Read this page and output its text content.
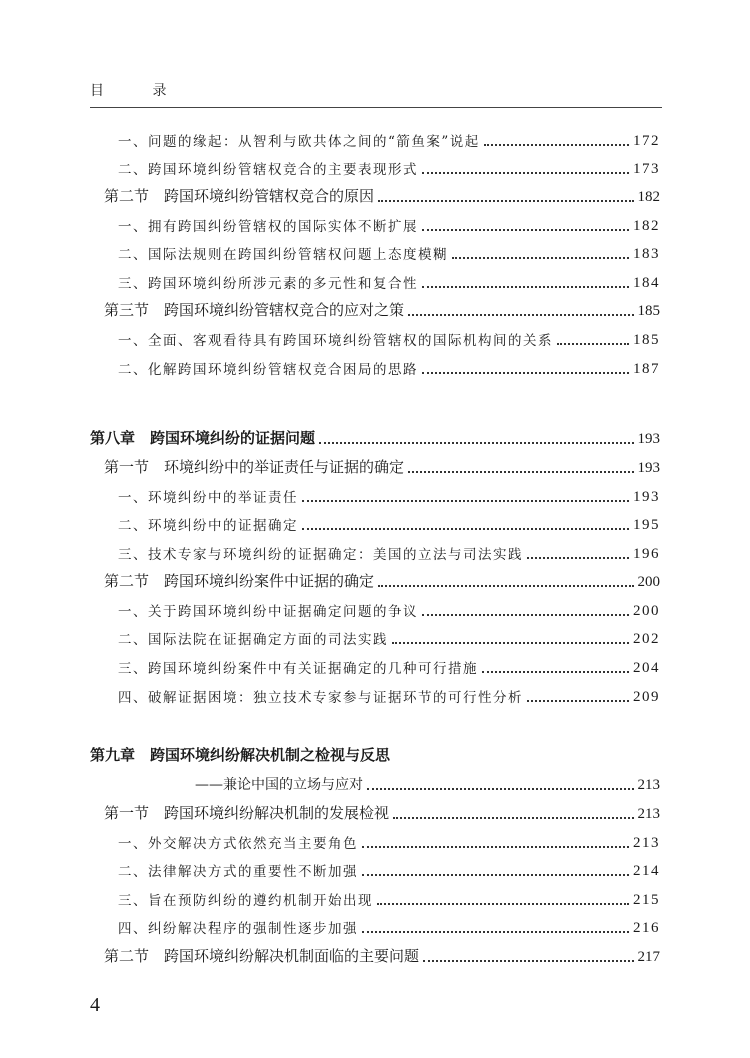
目 录
一、问题的缘起：从智利与欧共体之间的“箭鱼案”说起	172
二、跨国环境纠纷管辖权竞合的主要表现形式	173
第二节　跨国环境纠纷管辖权竞合的原因	182
一、拥有跨国纠纷管辖权的国际实体不断扩展	182
二、国际法规则在跨国纠纷管辖权问题上态度模糊	183
三、跨国环境纠纷所涉元素的多元性和复合性	184
第三节　跨国环境纠纷管辖权竞合的应对之策	185
一、全面、客观看待具有跨国环境纠纷管辖权的国际机构间的关系	185
二、化解跨国环境纠纷管辖权竞合困局的思路	187
第八章　跨国环境纠纷的证据问题	193
第一节　环境纠纷中的举证责任与证据的确定	193
一、环境纠纷中的举证责任	193
二、环境纠纷中的证据确定	195
三、技术专家与环境纠纷的证据确定：美国的立法与司法实践	196
第二节　跨国环境纠纷案件中证据的确定	200
一、关于跨国环境纠纷中证据确定问题的争议	200
二、国际法院在证据确定方面的司法实践	202
三、跨国环境纠纷案件中有关证据确定的几种可行措施	204
四、破解证据困境：独立技术专家参与证据环节的可行性分析	209
第九章　跨国环境纠纷解决机制之检视与反思
——兼论中国的立场与应对	213
第一节　跨国环境纠纷解决机制的发展检视	213
一、外交解决方式依然充当主要角色	213
二、法律解决方式的重要性不断加强	214
三、旨在预防纠纷的遵约机制开始出现	215
四、纠纷解决程序的强制性逐步加强	216
第二节　跨国环境纠纷解决机制面临的主要问题	217
4
